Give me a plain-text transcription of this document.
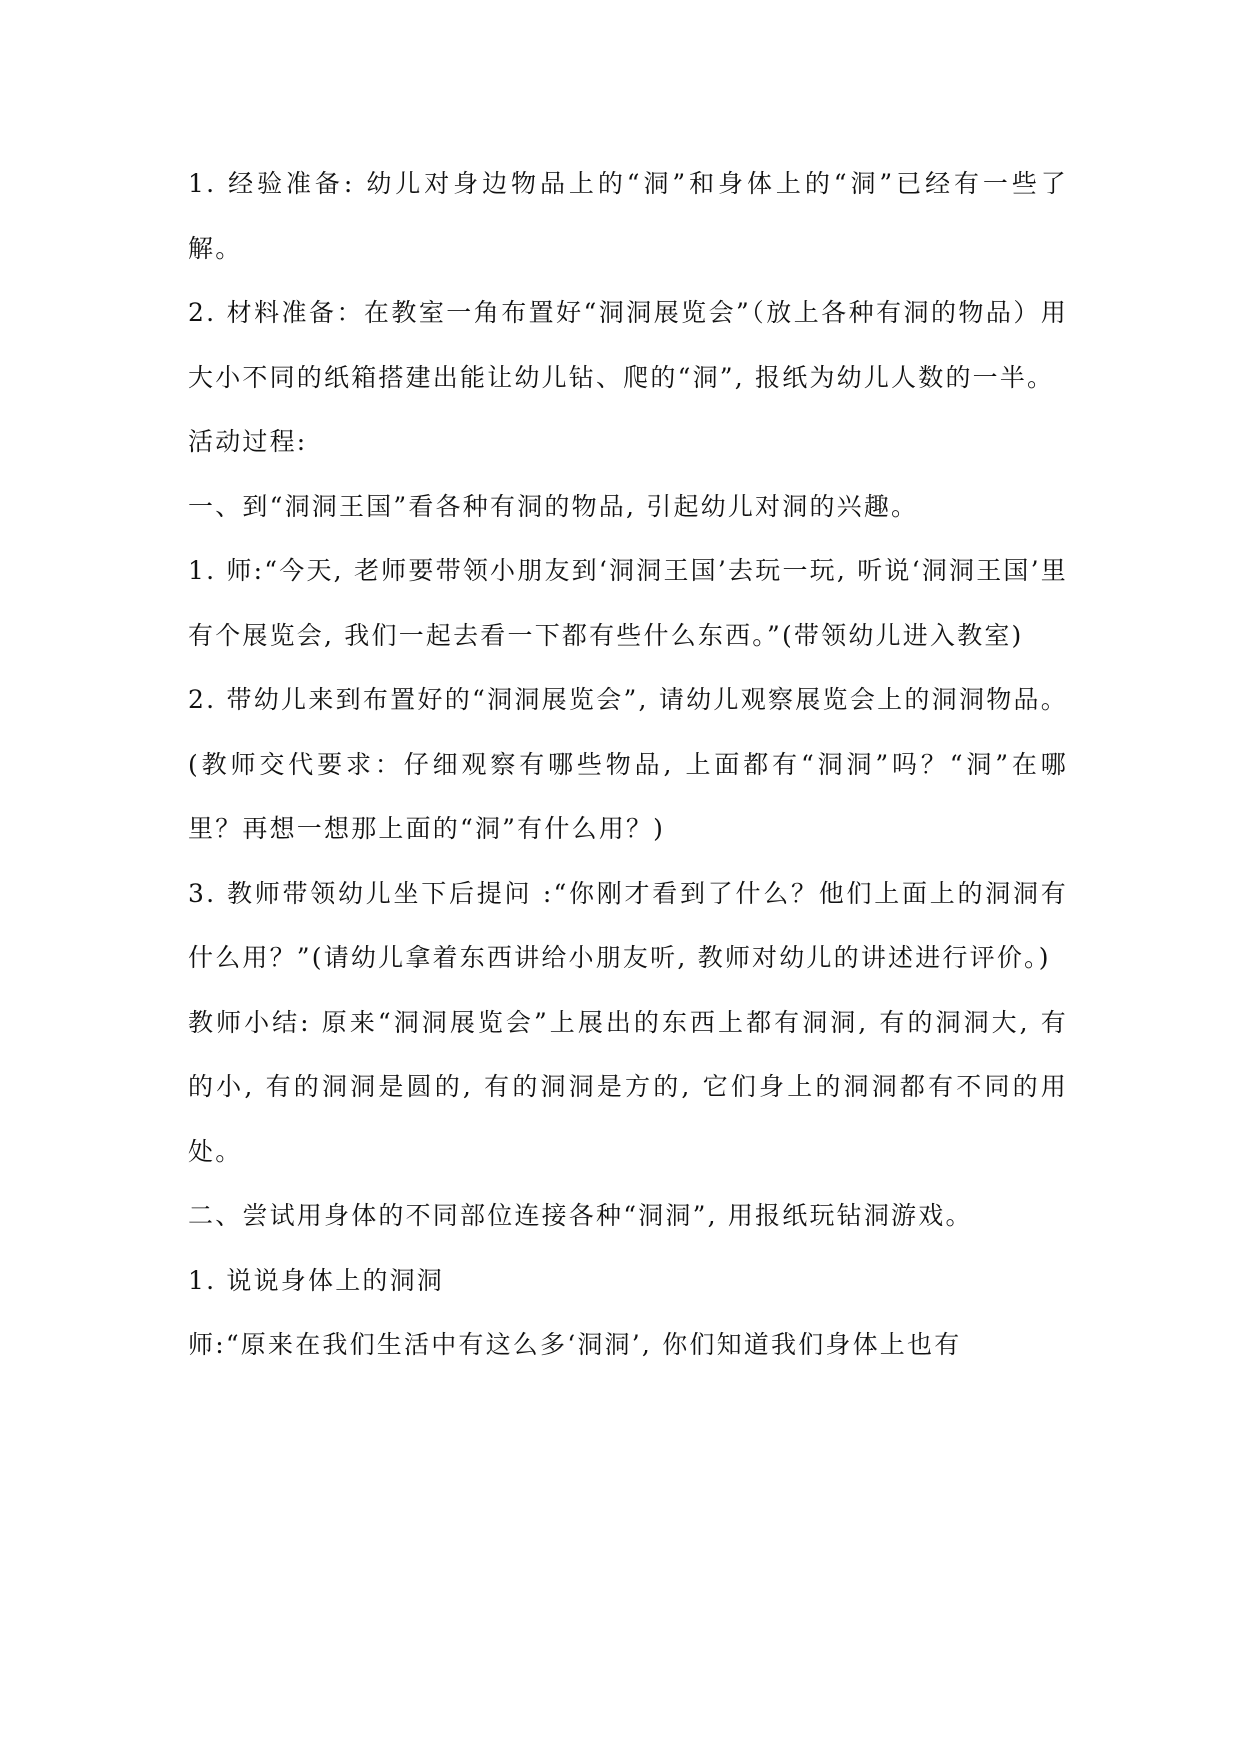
1. 经验准备: 幼儿对身边物品上的“洞”和身体上的“洞”已经有一些了解。

2. 材料准备：在教室一角布置好“洞洞展览会”（放上各种有洞的物品）用大小不同的纸箱搭建出能让幼儿钻、爬的“洞”, 报纸为幼儿人数的一半。

活动过程:

一、到“洞洞王国”看各种有洞的物品, 引起幼儿对洞的兴趣。

1. 师:“今天, 老师要带领小朋友到‘洞洞王国’去玩一玩, 听说‘洞洞王国’里有个展览会, 我们一起去看一下都有些什么东西。”(带领幼儿进入教室)

2. 带幼儿来到布置好的“洞洞展览会”, 请幼儿观察展览会上的洞洞物品。(教师交代要求：仔细观察有哪些物品, 上面都有“洞洞”吗？“洞”在哪里？再想一想那上面的“洞”有什么用？)

3. 教师带领幼儿坐下后提问 :“你刚才看到了什么？他们上面上的洞洞有什么用？”(请幼儿拿着东西讲给小朋友听, 教师对幼儿的讲述进行评价。)

教师小结: 原来“洞洞展览会”上展出的东西上都有洞洞, 有的洞洞大, 有的小, 有的洞洞是圆的, 有的洞洞是方的, 它们身上的洞洞都有不同的用处。

二、尝试用身体的不同部位连接各种“洞洞”, 用报纸玩钻洞游戏。

1. 说说身体上的洞洞

师:“原来在我们生活中有这么多‘洞洞’, 你们知道我们身体上也有
